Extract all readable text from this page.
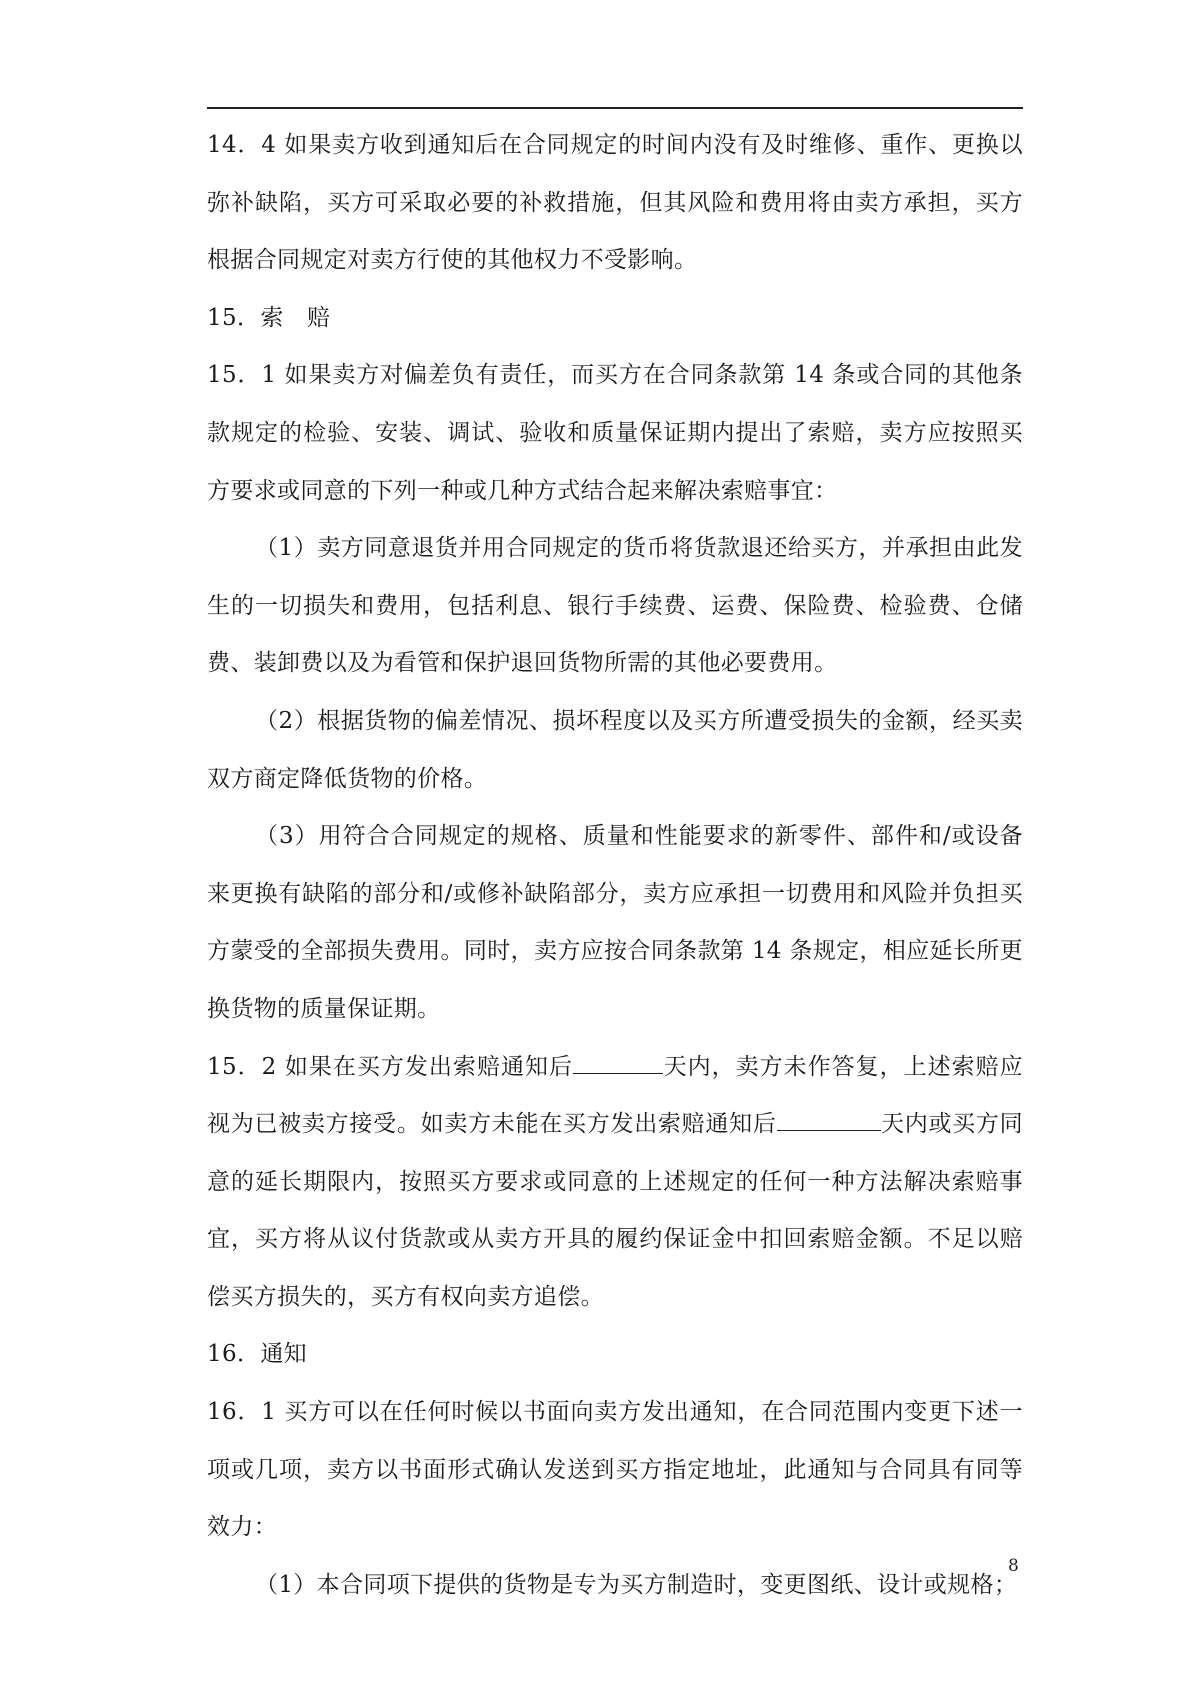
14．4 如果卖方收到通知后在合同规定的时间内没有及时维修、重作、更换以弥补缺陷，买方可采取必要的补救措施，但其风险和费用将由卖方承担，买方根据合同规定对卖方行使的其他权力不受影响。

15．索　赔

15．1 如果卖方对偏差负有责任，而买方在合同条款第 14 条或合同的其他条款规定的检验、安装、调试、验收和质量保证期内提出了索赔，卖方应按照买方要求或同意的下列一种或几种方式结合起来解决索赔事宜：

（1）卖方同意退货并用合同规定的货币将货款退还给买方，并承担由此发生的一切损失和费用，包括利息、银行手续费、运费、保险费、检验费、仓储费、装卸费以及为看管和保护退回货物所需的其他必要费用。

（2）根据货物的偏差情况、损坏程度以及买方所遭受损失的金额，经买卖双方商定降低货物的价格。

（3）用符合合同规定的规格、质量和性能要求的新零件、部件和/或设备来更换有缺陷的部分和/或修补缺陷部分，卖方应承担一切费用和风险并负担买方蒙受的全部损失费用。同时，卖方应按合同条款第 14 条规定，相应延长所更换货物的质量保证期。

15．2 如果在买方发出索赔通知后	天内，卖方未作答复，上述索赔应视为已被卖方接受。如卖方未能在买方发出索赔通知后	天内或买方同意的延长期限内，按照买方要求或同意的上述规定的任何一种方法解决索赔事宜，买方将从议付货款或从卖方开具的履约保证金中扣回索赔金额。不足以赔偿买方损失的，买方有权向卖方追偿。

16．通知

16．1 买方可以在任何时候以书面向卖方发出通知，在合同范围内变更下述一项或几项，卖方以书面形式确认发送到买方指定地址，此通知与合同具有同等效力：

（1）本合同项下提供的货物是专为买方制造时，变更图纸、设计或规格；

8
